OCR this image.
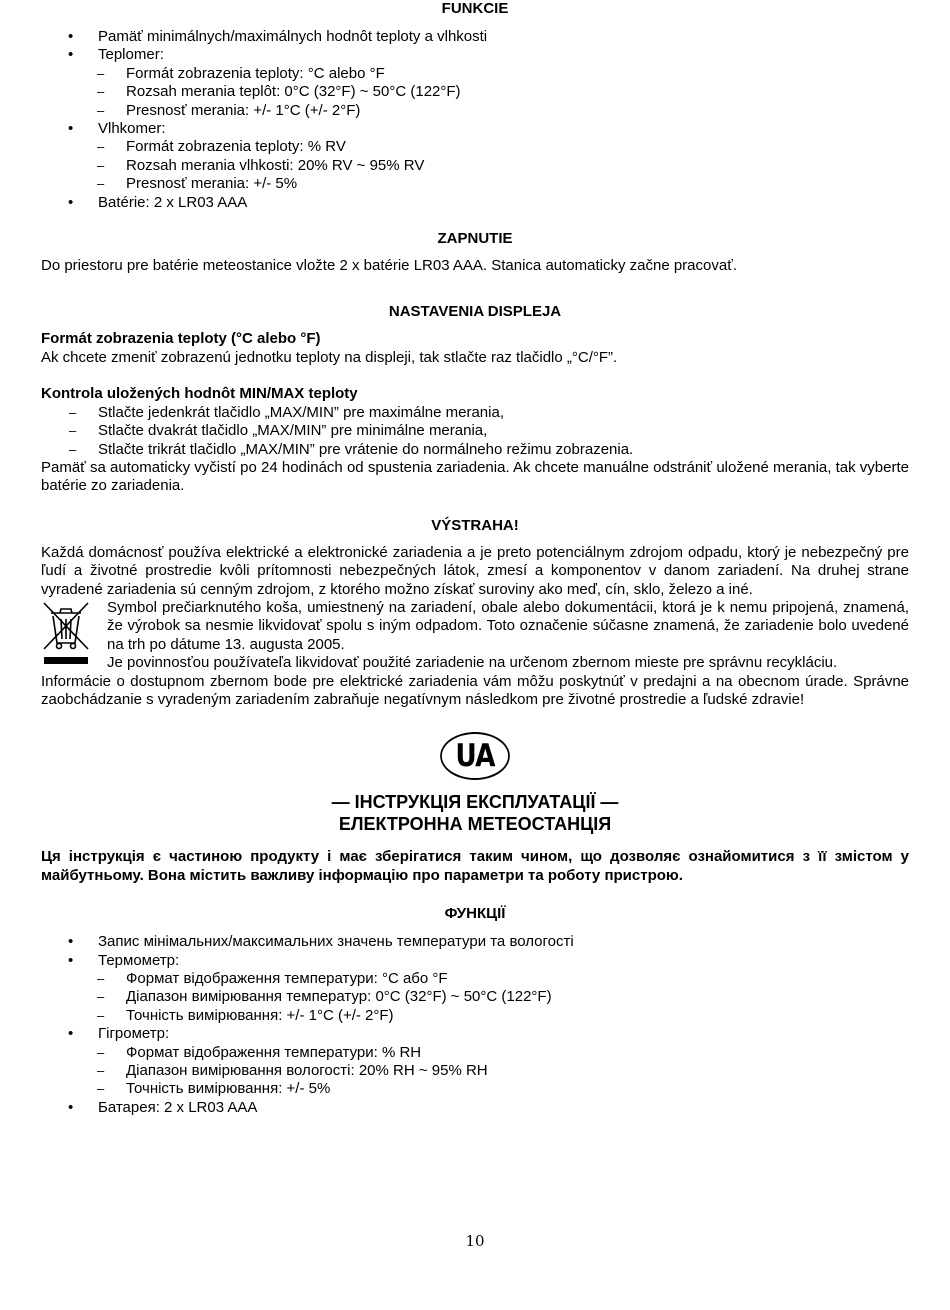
FUNKCIE
• Pamäť minimálnych/maximálnych hodnôt teploty a vlhkosti
• Teplomer:
– Formát zobrazenia teploty: °C alebo °F
– Rozsah merania teplôt: 0°C (32°F) ~ 50°C (122°F)
– Presnosť merania: +/- 1°C (+/- 2°F)
• Vlhkomer:
– Formát zobrazenia teploty: % RV
– Rozsah merania vlhkosti: 20% RV ~ 95% RV
– Presnosť merania: +/- 5%
• Batérie: 2 x LR03 AAA
ZAPNUTIE

Do priestoru pre batérie meteostanice vložte 2 x batérie LR03 AAA. Stanica automaticky začne pracovať.

NASTAVENIA DISPLEJA
Formát zobrazenia teploty (°C alebo °F)

Ak chcete zmeniť zobrazenú jednotku teploty na displeji, tak stlačte raz tlačidlo „°C/°F”.

Kontrola uložených hodnôt MIN/MAX teploty
– Stlačte jedenkrát tlačidlo „MAX/MIN” pre maximálne merania,
– Stlačte dvakrát tlačidlo „MAX/MIN” pre minimálne merania,
– Stlačte trikrát tlačidlo „MAX/MIN” pre vrátenie do normálneho režimu zobrazenia.

Pamäť sa automaticky vyčistí po 24 hodinách od spustenia zariadenia. Ak chcete manuálne odstrániť uložené merania, tak vyberte batérie zo zariadenia.

VÝSTRAHA!

Každá domácnosť používa elektrické a elektronické zariadenia a je preto potenciálnym zdrojom odpadu, ktorý je nebezpečný pre ľudí a životné prostredie kvôli prítomnosti nebezpečných látok, zmesí a komponentov v danom zariadení. Na druhej strane vyradené zariadenia sú cenným zdrojom, z ktorého možno získať suroviny ako meď, cín, sklo, železo a iné.

Symbol prečiarknutého koša, umiestnený na zariadení, obale alebo dokumentácii, ktorá je k nemu pripojená, znamená, že výrobok sa nesmie likvidovať spolu s iným odpadom. Toto označenie súčasne znamená, že zariadenie bolo uvedené na trh po dátume 13. augusta 2005.

Je povinnosťou používateľa likvidovať použité zariadenie na určenom zbernom mieste pre správnu recykláciu.

Informácie o dostupnom zbernom bode pre elektrické zariadenia vám môžu poskytnúť v predajni a na obecnom úrade. Správne zaobchádzanie s vyradeným zariadením zabraňuje negatívnym následkom pre životné prostredie a ľudské zdravie!

UA
— ІНСТРУКЦІЯ ЕКСПЛУАТАЦІЇ —
ЕЛЕКТРОННА МЕТЕОСТАНЦІЯ

Ця інструкція є частиною продукту і має зберігатися таким чином, що дозволяє ознайомитися з її змістом у майбутньому. Вона містить важливу інформацію про параметри та роботу пристрою.

ФУНКЦІЇ
• Запис мінімальних/максимальних значень температури та вологості
• Термометр:
– Формат відображення температури: °C або °F
– Діапазон вимірювання температур: 0°C (32°F) ~ 50°C (122°F)
– Точність вимірювання: +/- 1°C (+/- 2°F)
• Гігрометр:
– Формат відображення температури: % RH
– Діапазон вимірювання вологості: 20% RH ~ 95% RH
– Точність вимірювання: +/- 5%
• Батарея: 2 x LR03 AAA
10
